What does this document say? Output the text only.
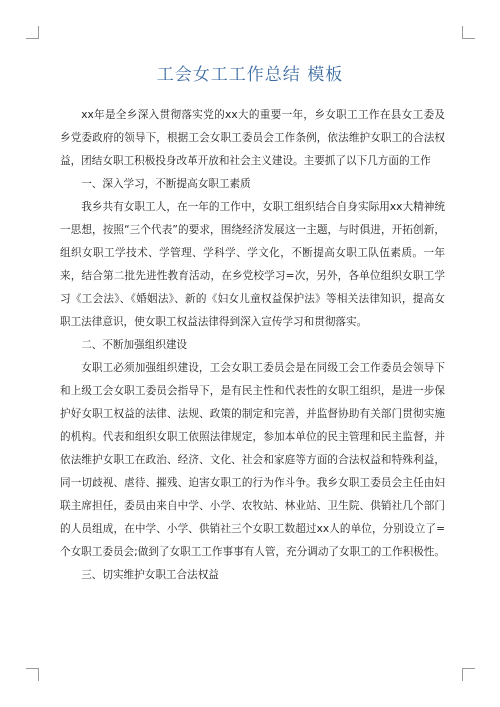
工会女工工作总结 模板

xx年是全乡深入贯彻落实党的xx大的重要一年，乡女职工工作在县女工委及乡党委政府的领导下，根据工会女职工委员会工作条例，依法维护女职工的合法权益，团结女职工积极投身改革开放和社会主义建设。主要抓了以下几方面的工作

一、深入学习，不断提高女职工素质

我乡共有女职工人，在一年的工作中，女职工组织结合自身实际用xx大精神统一思想，按照“三个代表”的要求，围绕经济发展这一主题，与时俱进，开拓创新，组织女职工学技术、学管理、学科学、学文化，不断提高女职工队伍素质。一年来，结合第二批先进性教育活动，在乡党校学习=次，另外，各单位组织女职工学习《工会法》、《婚姻法》、新的《妇女儿童权益保护法》等相关法律知识，提高女职工法律意识，使女职工权益法律得到深入宣传学习和贯彻落实。

二、不断加强组织建设

女职工必须加强组织建设，工会女职工委员会是在同级工会工作委员会领导下和上级工会女职工委员会指导下，是有民主性和代表性的女职工组织，是进一步保护好女职工权益的法律、法规、政策的制定和完善，并监督协助有关部门贯彻实施的机构。代表和组织女职工依照法律规定，参加本单位的民主管理和民主监督，并依法维护女职工在政治、经济、文化、社会和家庭等方面的合法权益和特殊利益，同一切歧视、虐待、摧残、迫害女职工的行为作斗争。我乡女职工委员会主任由妇联主席担任，委员由来自中学、小学、农牧站、林业站、卫生院、供销社几个部门的人员组成，在中学、小学、供销社三个女职工数超过xx人的单位，分别设立了=个女职工委员会;做到了女职工工作事事有人管，充分调动了女职工的工作积极性。

三、切实维护女职工合法权益
